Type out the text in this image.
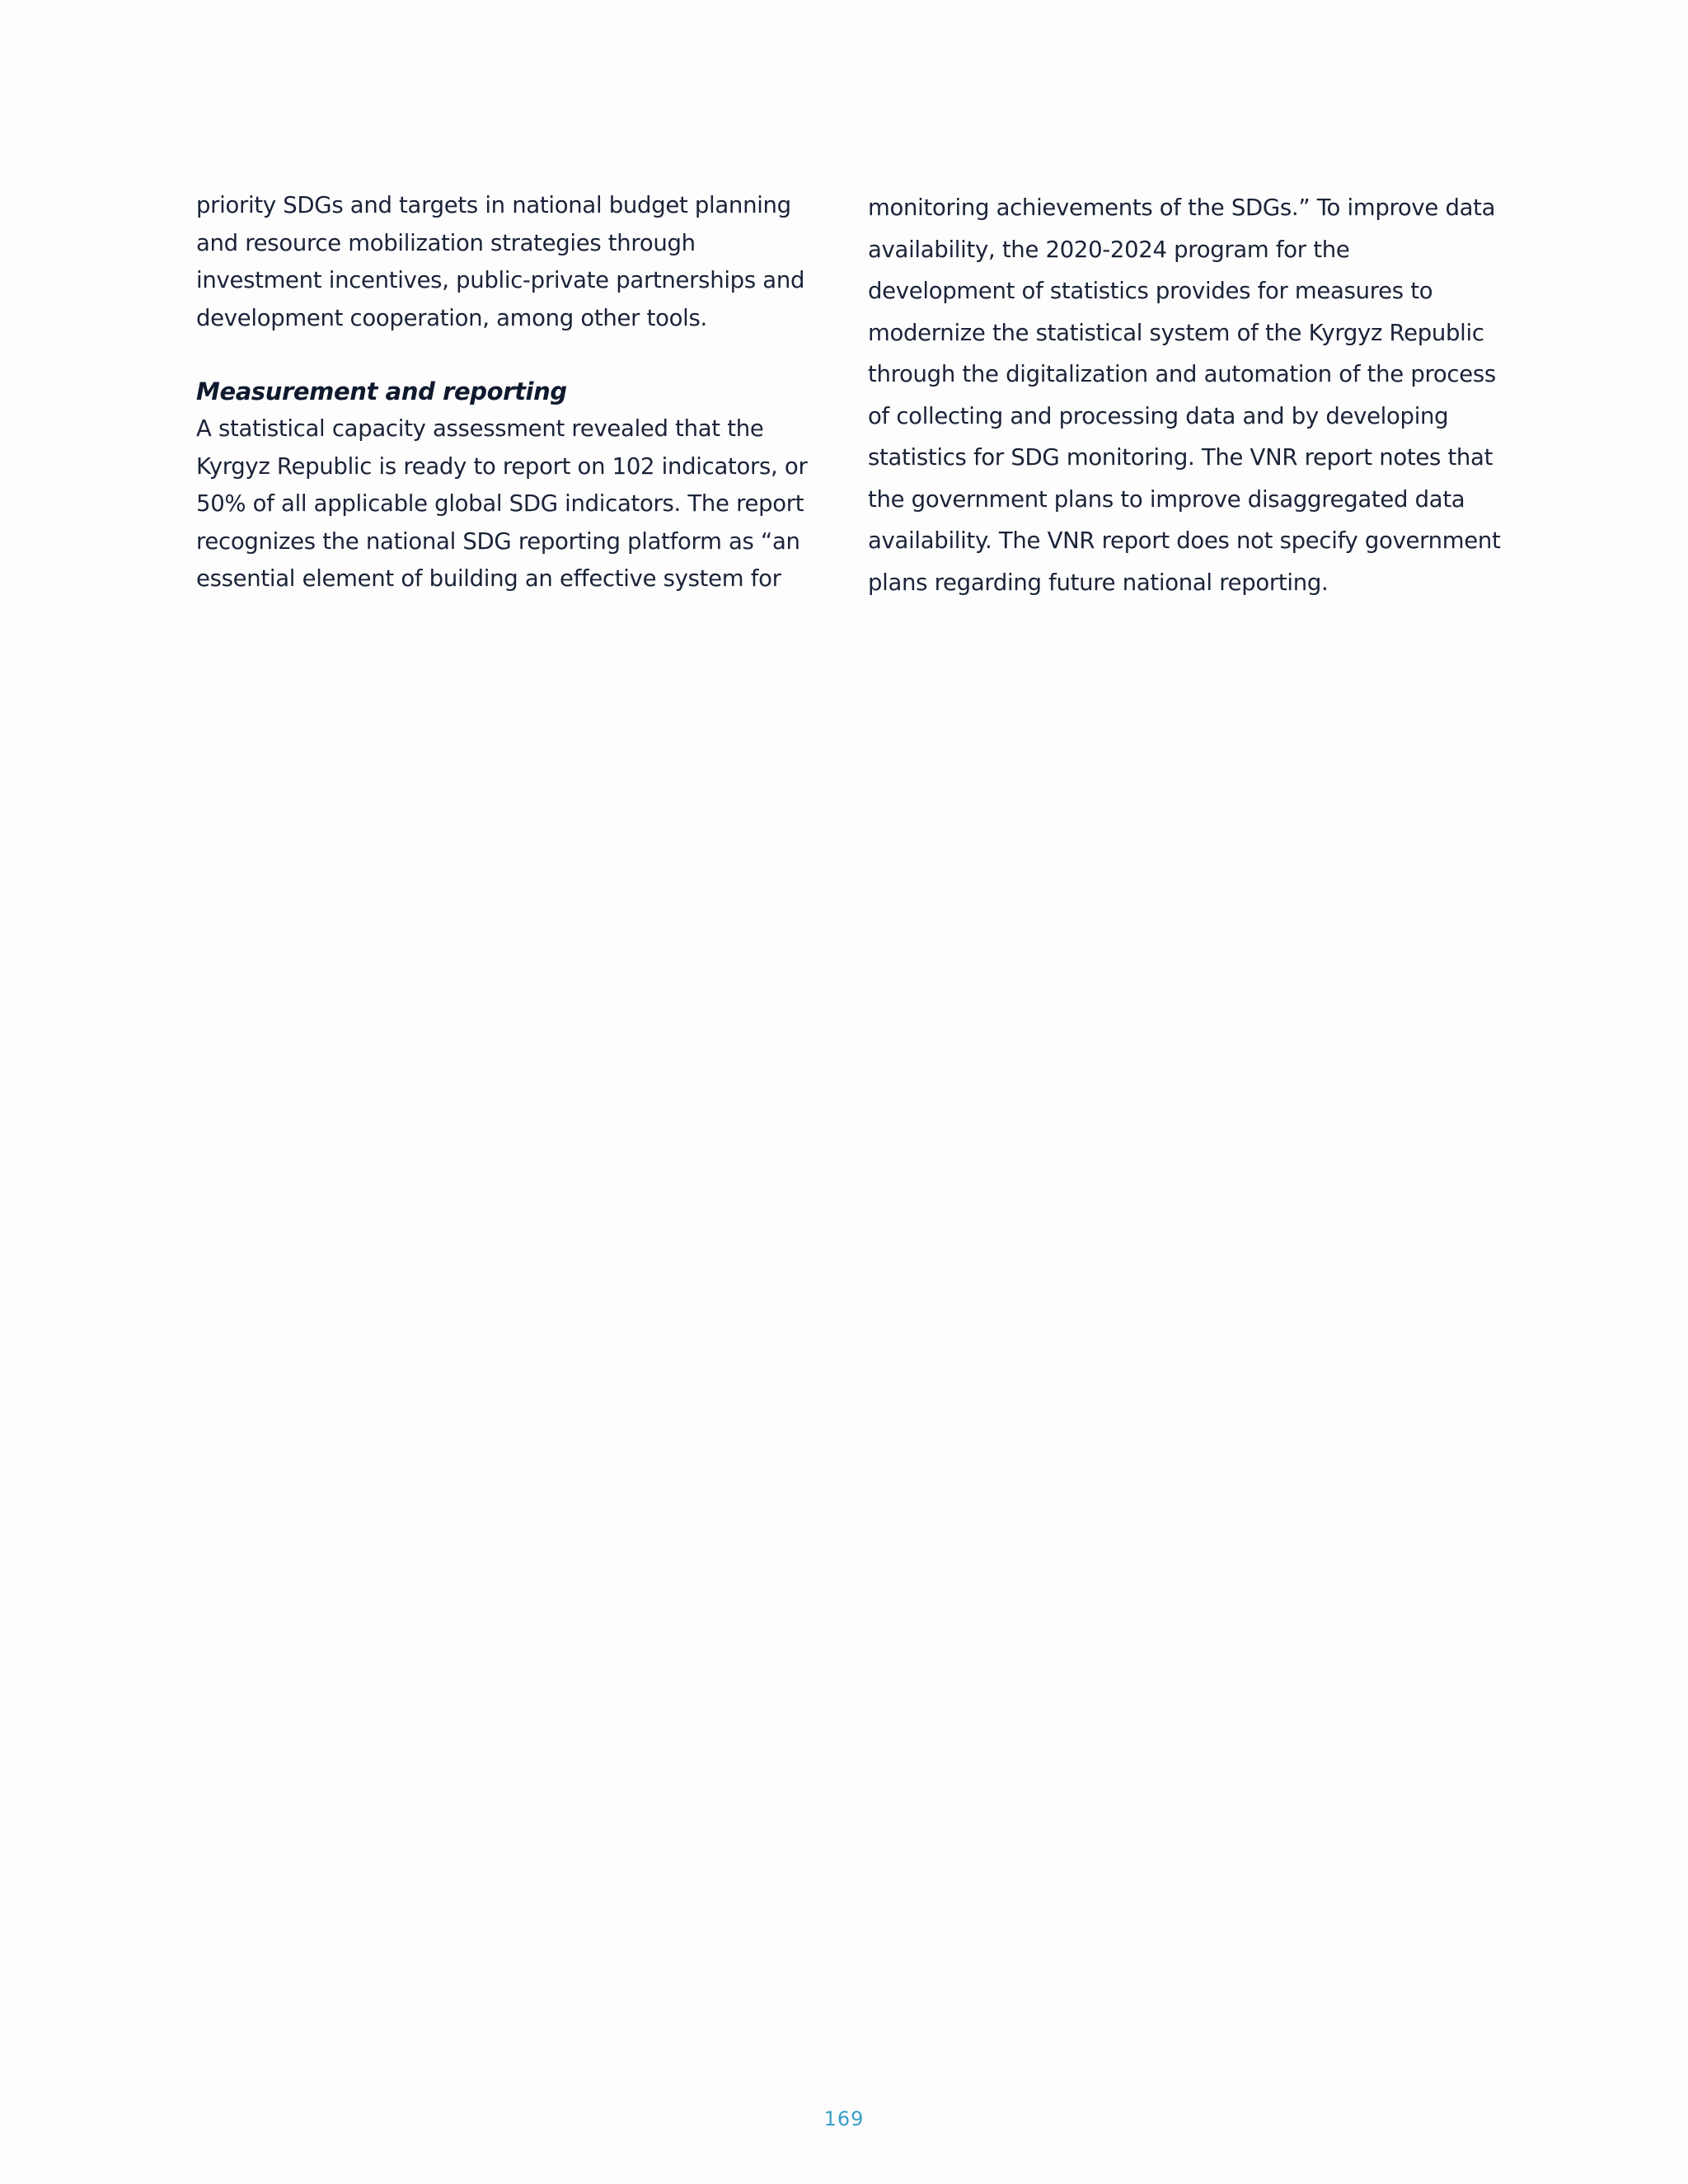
priority SDGs and targets in national budget planning and resource mobilization strategies through investment incentives, public-private partnerships and development cooperation, among other tools.

Measurement and reporting

A statistical capacity assessment revealed that the Kyrgyz Republic is ready to report on 102 indicators, or 50% of all applicable global SDG indicators. The report recognizes the national SDG reporting platform as “an essential element of building an effective system for

monitoring achievements of the SDGs.” To improve data availability, the 2020-2024 program for the development of statistics provides for measures to modernize the statistical system of the Kyrgyz Republic through the digitalization and automation of the process of collecting and processing data and by developing statistics for SDG monitoring. The VNR report notes that the government plans to improve disaggregated data availability. The VNR report does not specify government plans regarding future national reporting.

169
